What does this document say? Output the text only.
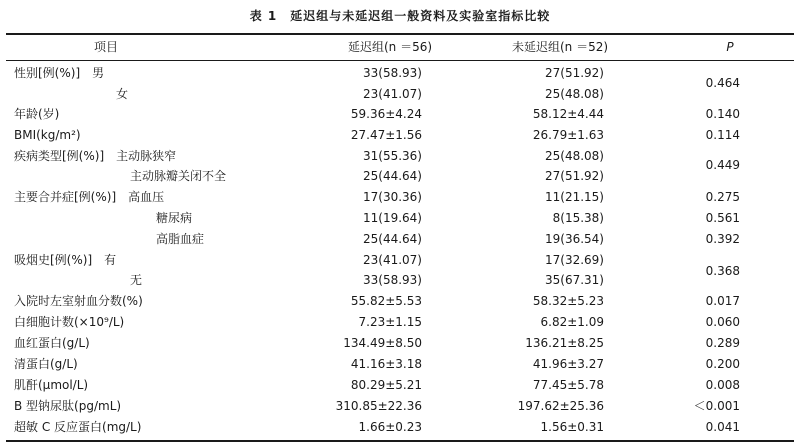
表 1　延迟组与未延迟组一般资料及实验室指标比较
项目	延迟组(n ＝56)	未延迟组(n ＝52)	P
性别[例(%)]　男	33(58.93)	27(51.92)
女	23(41.07)	25(48.08)
0.464
年龄(岁)	59.36±4.24	58.12±4.44	0.140
BMI(kg/m²)	27.47±1.56	26.79±1.63	0.114
疾病类型[例(%)]　主动脉狭窄	31(55.36)	25(48.08)
主动脉瓣关闭不全	25(44.64)	27(51.92)
0.449
主要合并症[例(%)]　高血压	17(30.36)	11(21.15)	0.275
糖尿病	11(19.64)	8(15.38)	0.561
高脂血症	25(44.64)	19(36.54)	0.392
吸烟史[例(%)]　有	23(41.07)	17(32.69)
无	33(58.93)	35(67.31)
0.368
入院时左室射血分数(%)	55.82±5.53	58.32±5.23	0.017
白细胞计数(×10⁹/L)	7.23±1.15	6.82±1.09	0.060
血红蛋白(g/L)	134.49±8.50	136.21±8.25	0.289
清蛋白(g/L)	41.16±3.18	41.96±3.27	0.200
肌酐(μmol/L)	80.29±5.21	77.45±5.78	0.008
B 型钠尿肽(pg/mL)	310.85±22.36	197.62±25.36	＜0.001
超敏 C 反应蛋白(mg/L)	1.66±0.23	1.56±0.31	0.041
